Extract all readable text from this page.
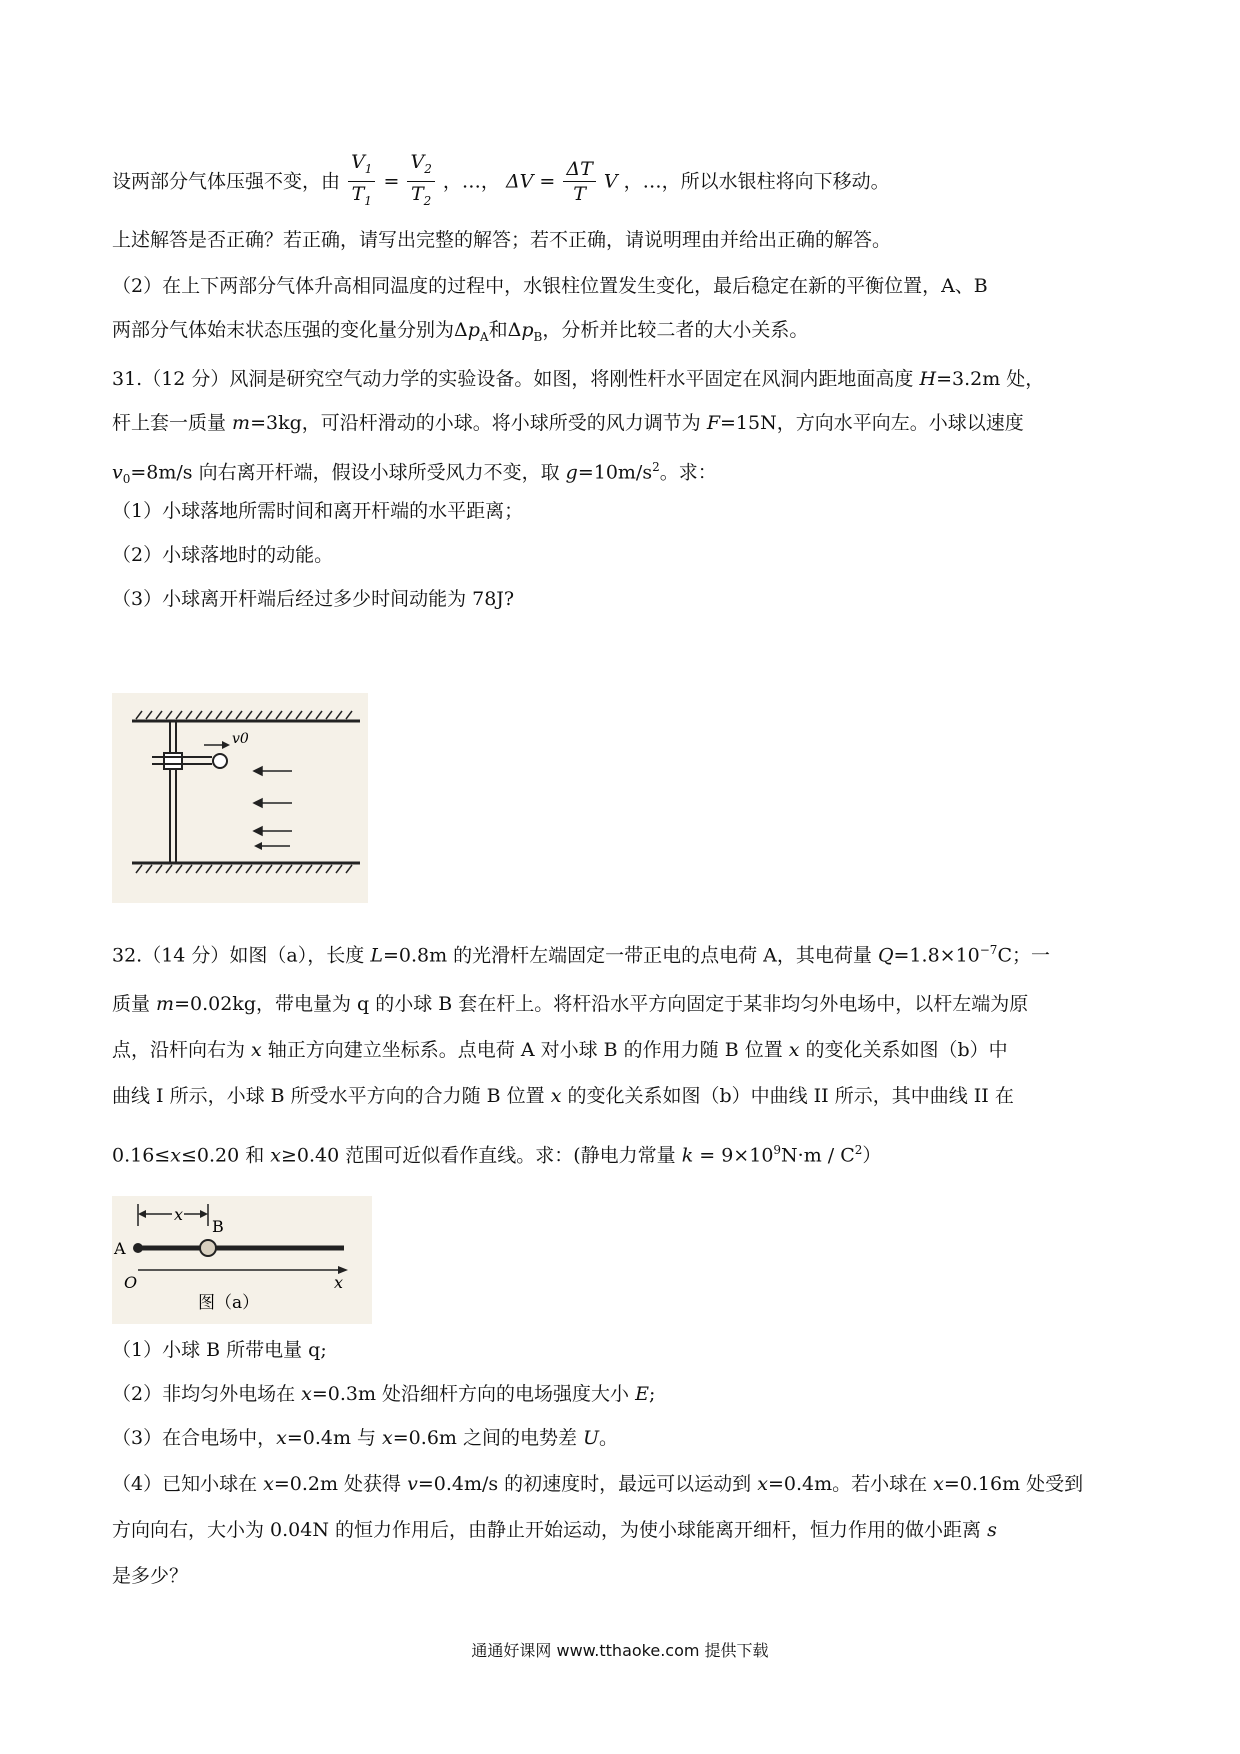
设两部分气体压强不变，由 $\frac{V_1}{T_1} = \frac{V_2}{T_2}$ ，…， $\Delta V = \frac{\Delta T}{T}$ V ，…，所以水银柱将向下移动。
上述解答是否正确？若正确，请写出完整的解答；若不正确，请说明理由并给出正确的解答。
（2）在上下两部分气体升高相同温度的过程中，水银柱位置发生变化，最后稳定在新的平衡位置，A、B
两部分气体始末状态压强的变化量分别为$\Delta p_A$和$\Delta p_B$，分析并比较二者的大小关系。
31.（12 分）风洞是研究空气动力学的实验设备。如图，将刚性杆水平固定在风洞内距地面高度 H=3.2m 处，
杆上套一质量 m=3kg，可沿杆滑动的小球。将小球所受的风力调节为 F=15N，方向水平向左。小球以速度
$v_0=8m/s$ 向右离开杆端，假设小球所受风力不变，取 $g=10m/s^2$。求：
（1）小球落地所需时间和离开杆端的水平距离；
（2）小球落地时的动能。
（3）小球离开杆端后经过多少时间动能为 78J?
v0
32.（14 分）如图（a），长度 L=0.8m 的光滑杆左端固定一带正电的点电荷 A，其电荷量 $Q=1.8\times 10^{-7}C$；一
质量 m=0.02kg，带电量为 q 的小球 B 套在杆上。将杆沿水平方向固定于某非均匀外电场中，以杆左端为原
点，沿杆向右为 x 轴正方向建立坐标系。点电荷 A 对小球 B 的作用力随 B 位置 x 的变化关系如图（b）中
曲线 I 所示，小球 B 所受水平方向的合力随 B 位置 x 的变化关系如图（b）中曲线 II 所示，其中曲线 II 在
0.16≤x≤0.20 和 x≥0.40 范围可近似看作直线。求：(静电力常量 $k = 9\times 10^9N\cdot m / C^2$）
x
B
A
O	x
图（a）
（1）小球 B 所带电量 q;
（2）非均匀外电场在 x=0.3m 处沿细杆方向的电场强度大小 E;
（3）在合电场中，x=0.4m 与 x=0.6m 之间的电势差 U。
（4）已知小球在 x=0.2m 处获得 v=0.4m/s 的初速度时，最远可以运动到 x=0.4m。若小球在 x=0.16m 处受到
方向向右，大小为 0.04N 的恒力作用后，由静止开始运动，为使小球能离开细杆，恒力作用的做小距离 s
是多少？
通通好课网 www.tthaoke.com 提供下载
